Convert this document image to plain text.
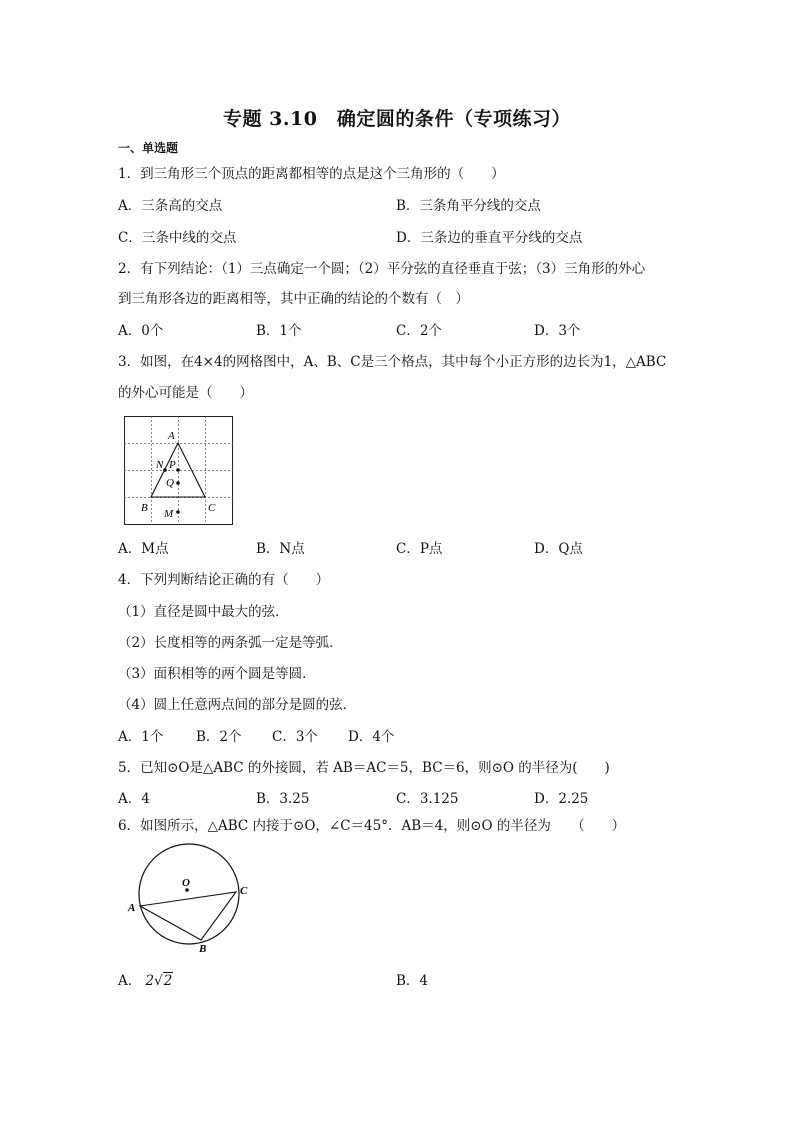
专题 3.10　确定圆的条件（专项练习）
一、单选题
1．到三角形三个顶点的距离都相等的点是这个三角形的（　　）
A．三条高的交点	B．三条角平分线的交点
C．三条中线的交点	D．三条边的垂直平分线的交点
2．有下列结论：（1）三点确定一个圆；（2）平分弦的直径垂直于弦；（3）三角形的外心
到三角形各边的距离相等，其中正确的结论的个数有（　）
A．0个	B．1个	C．2个	D．3个
3．如图，在4×4的网格图中，A、B、C是三个格点，其中每个小正方形的边长为1，△ABC
的外心可能是（　　）
A
N P
Q
B M	C
A．M点	B．N点	C．P点	D．Q点
4．下列判断结论正确的有（　　）
（1）直径是圆中最大的弦．
（2）长度相等的两条弧一定是等弧．
（3）面积相等的两个圆是等圆．
（4）圆上任意两点间的部分是圆的弦．
A．1个 B．2个 C．3个 D．4个
5．已知⊙O是△ABC 的外接圆，若 AB＝AC＝5，BC＝6，则⊙O 的半径为(　　)
A．4	B．3.25	C．3.125	D．2.25
6．如图所示，△ABC 内接于⊙O，∠C＝45°．AB＝4，则⊙O 的半径为　　（　　）
O
C
A
B
A． 2√2	B．4
